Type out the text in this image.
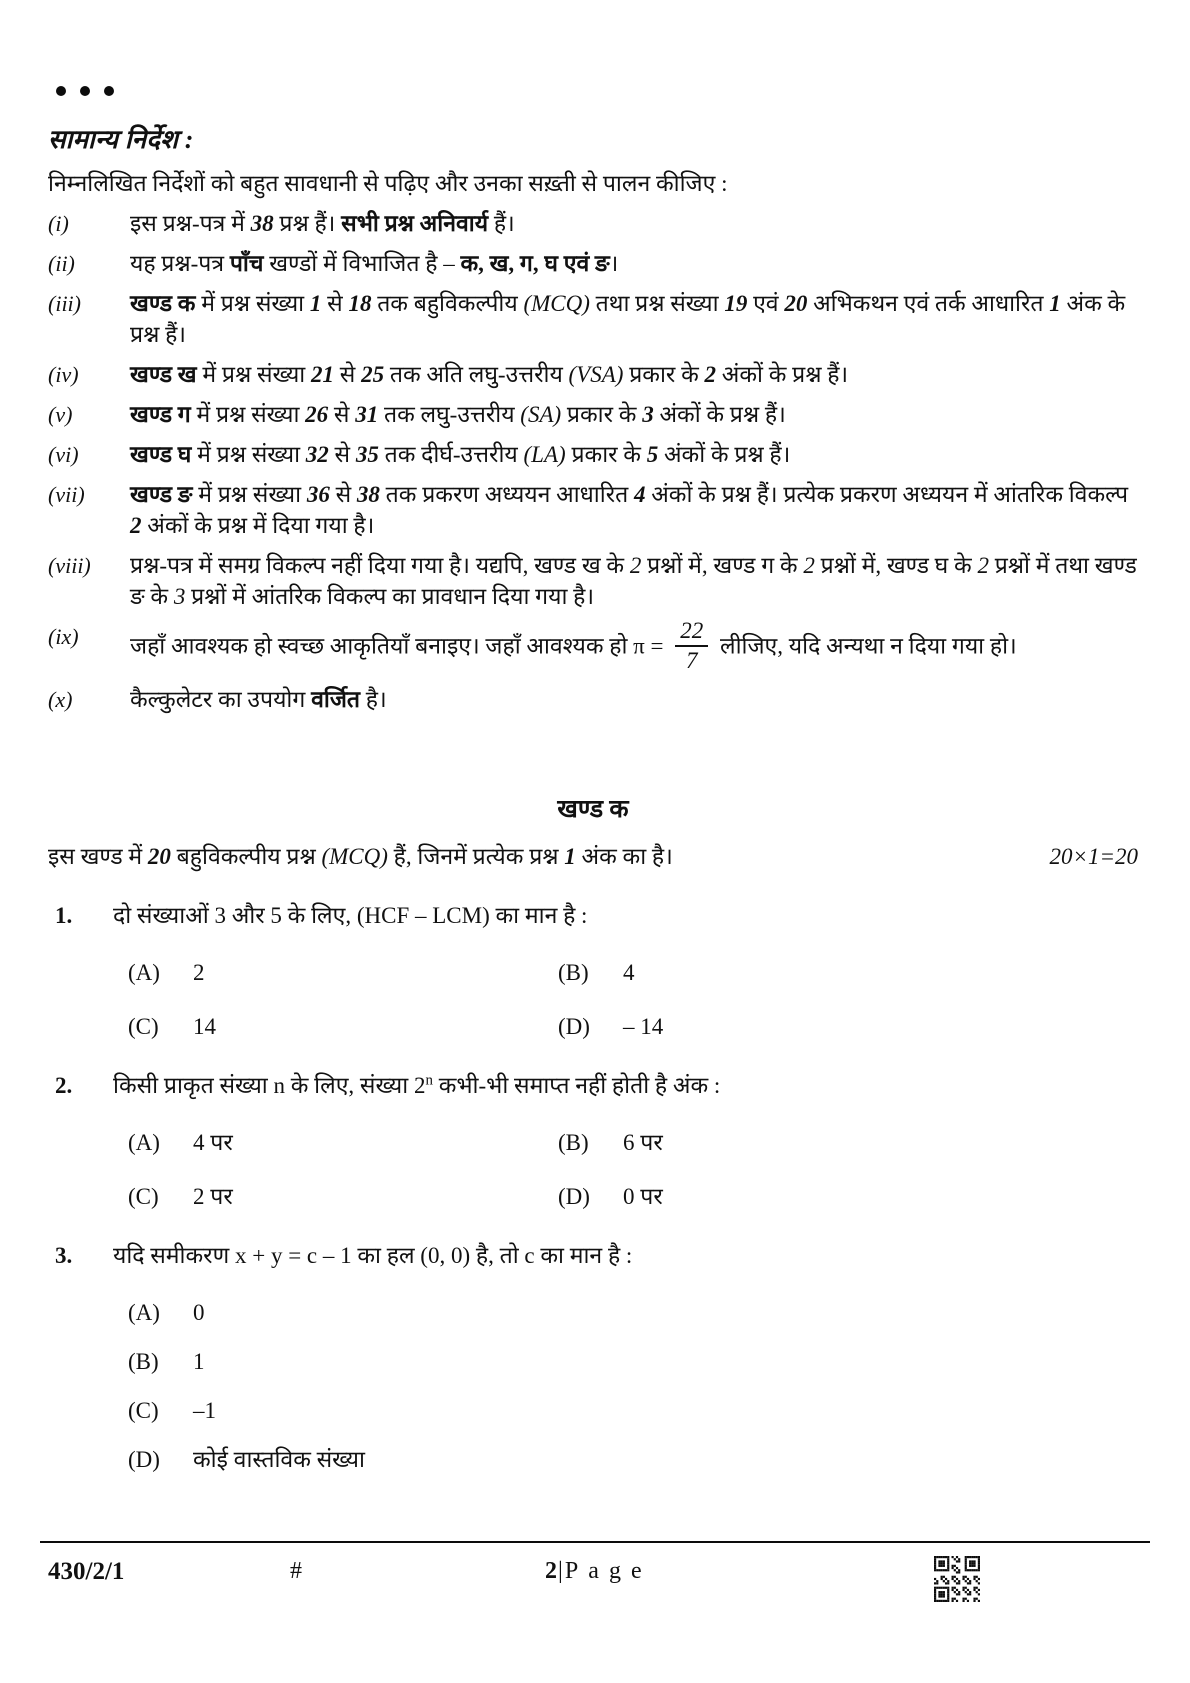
सामान्य निर्देश :
निम्नलिखित निर्देशों को बहुत सावधानी से पढ़िए और उनका सख़्ती से पालन कीजिए :
(i)	इस प्रश्न-पत्र में 38 प्रश्न हैं। सभी प्रश्न अनिवार्य हैं।
(ii)	यह प्रश्न-पत्र पाँच खण्डों में विभाजित है – क, ख, ग, घ एवं ङ।
(iii)	खण्ड क में प्रश्न संख्या 1 से 18 तक बहुविकल्पीय (MCQ) तथा प्रश्न संख्या 19 एवं 20 अभिकथन एवं तर्क आधारित 1 अंक के प्रश्न हैं।
(iv)	खण्ड ख में प्रश्न संख्या 21 से 25 तक अति लघु-उत्तरीय (VSA) प्रकार के 2 अंकों के प्रश्न हैं।
(v)	खण्ड ग में प्रश्न संख्या 26 से 31 तक लघु-उत्तरीय (SA) प्रकार के 3 अंकों के प्रश्न हैं।
(vi)	खण्ड घ में प्रश्न संख्या 32 से 35 तक दीर्घ-उत्तरीय (LA) प्रकार के 5 अंकों के प्रश्न हैं।
(vii)	खण्ड ङ में प्रश्न संख्या 36 से 38 तक प्रकरण अध्ययन आधारित 4 अंकों के प्रश्न हैं। प्रत्येक प्रकरण अध्ययन में आंतरिक विकल्प 2 अंकों के प्रश्न में दिया गया है।
(viii)	प्रश्न-पत्र में समग्र विकल्प नहीं दिया गया है। यद्यपि, खण्ड ख के 2 प्रश्नों में, खण्ड ग के 2 प्रश्नों में, खण्ड घ के 2 प्रश्नों में तथा खण्ड ङ के 3 प्रश्नों में आंतरिक विकल्प का प्रावधान दिया गया है।
(ix)	जहाँ आवश्यक हो स्वच्छ आकृतियाँ बनाइए। जहाँ आवश्यक हो $\pi = \frac{22}{7}$ लीजिए, यदि अन्यथा न दिया गया हो।
(x)	कैल्कुलेटर का उपयोग वर्जित है।
खण्ड क
इस खण्ड में 20 बहुविकल्पीय प्रश्न (MCQ) हैं, जिनमें प्रत्येक प्रश्न 1 अंक का है।	20×1=20
1.	दो संख्याओं 3 और 5 के लिए, (HCF – LCM) का मान है :
(A)	2	(B)	4
(C)	14	(D)	– 14
2.	किसी प्राकृत संख्या n के लिए, संख्या 2$^n$ कभी-भी समाप्त नहीं होती है अंक :
(A)	4 पर	(B)	6 पर
(C)	2 पर	(D)	0 पर
3.	यदि समीकरण x + y = c – 1 का हल (0, 0) है, तो c का मान है :
(A)	0
(B)	1
(C)	–1
(D)	कोई वास्तविक संख्या
430/2/1	#	2|Page
